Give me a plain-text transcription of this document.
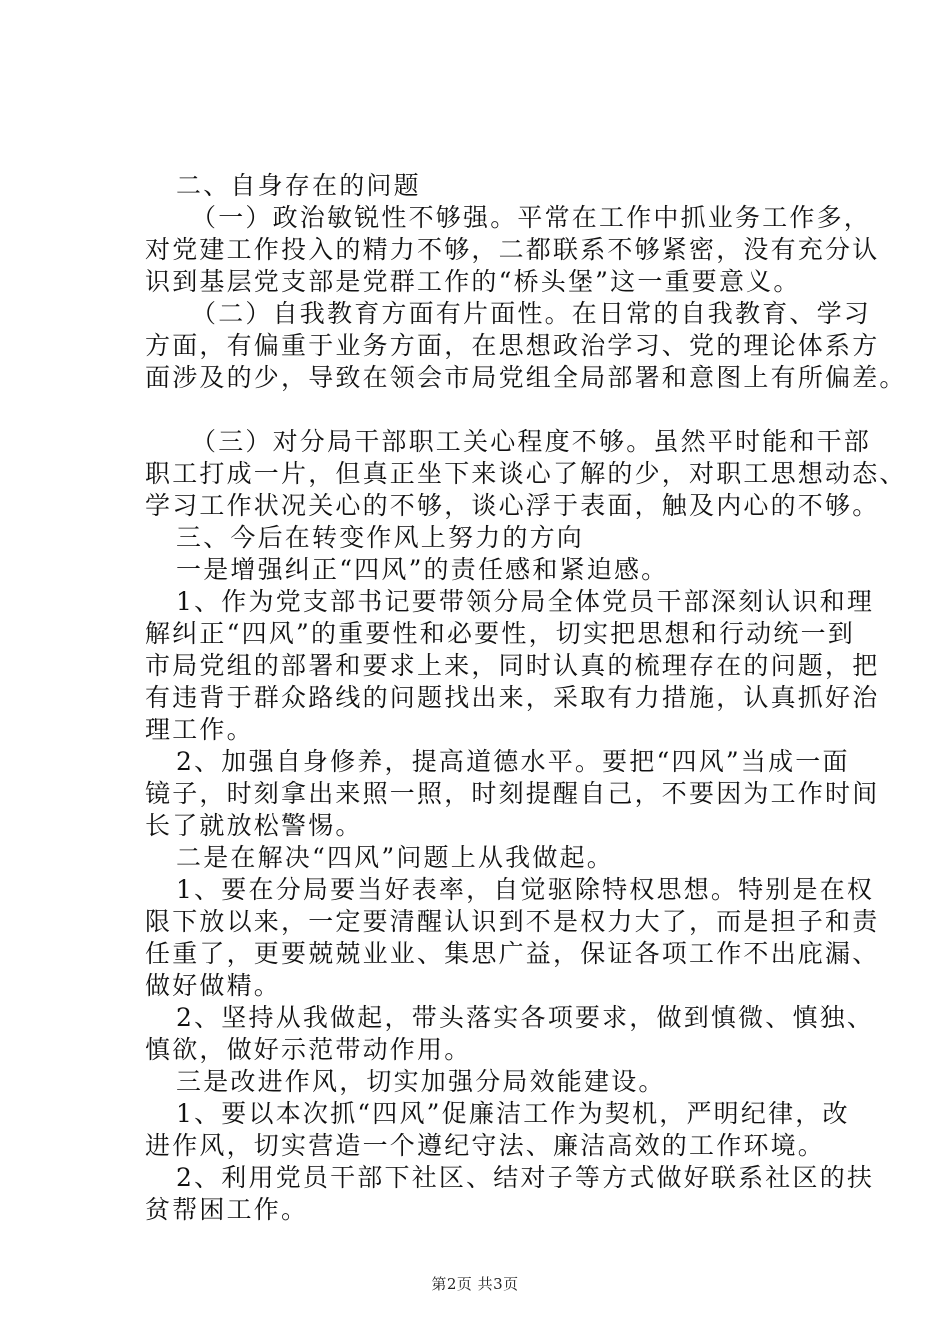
二、自身存在的问题
（一）政治敏锐性不够强。平常在工作中抓业务工作多，
对党建工作投入的精力不够，二都联系不够紧密，没有充分认
识到基层党支部是党群工作的“桥头堡”这一重要意义。
（二）自我教育方面有片面性。在日常的自我教育、学习
方面，有偏重于业务方面，在思想政治学习、党的理论体系方
面涉及的少，导致在领会市局党组全局部署和意图上有所偏差。
（三）对分局干部职工关心程度不够。虽然平时能和干部
职工打成一片，但真正坐下来谈心了解的少，对职工思想动态、
学习工作状况关心的不够，谈心浮于表面，触及内心的不够。
三、今后在转变作风上努力的方向
一是增强纠正“四风”的责任感和紧迫感。
1、作为党支部书记要带领分局全体党员干部深刻认识和理
解纠正“四风”的重要性和必要性，切实把思想和行动统一到
市局党组的部署和要求上来，同时认真的梳理存在的问题，把
有违背于群众路线的问题找出来，采取有力措施，认真抓好治
理工作。
2、加强自身修养，提高道德水平。要把“四风”当成一面
镜子，时刻拿出来照一照，时刻提醒自己，不要因为工作时间
长了就放松警惕。
二是在解决“四风”问题上从我做起。
1、要在分局要当好表率，自觉驱除特权思想。特别是在权
限下放以来，一定要清醒认识到不是权力大了，而是担子和责
任重了，更要兢兢业业、集思广益，保证各项工作不出庇漏、
做好做精。
2、坚持从我做起，带头落实各项要求，做到慎微、慎独、
慎欲，做好示范带动作用。
三是改进作风，切实加强分局效能建设。
1、要以本次抓“四风”促廉洁工作为契机，严明纪律，改
进作风，切实营造一个遵纪守法、廉洁高效的工作环境。
2、利用党员干部下社区、结对子等方式做好联系社区的扶
贫帮困工作。
第2页 共3页
